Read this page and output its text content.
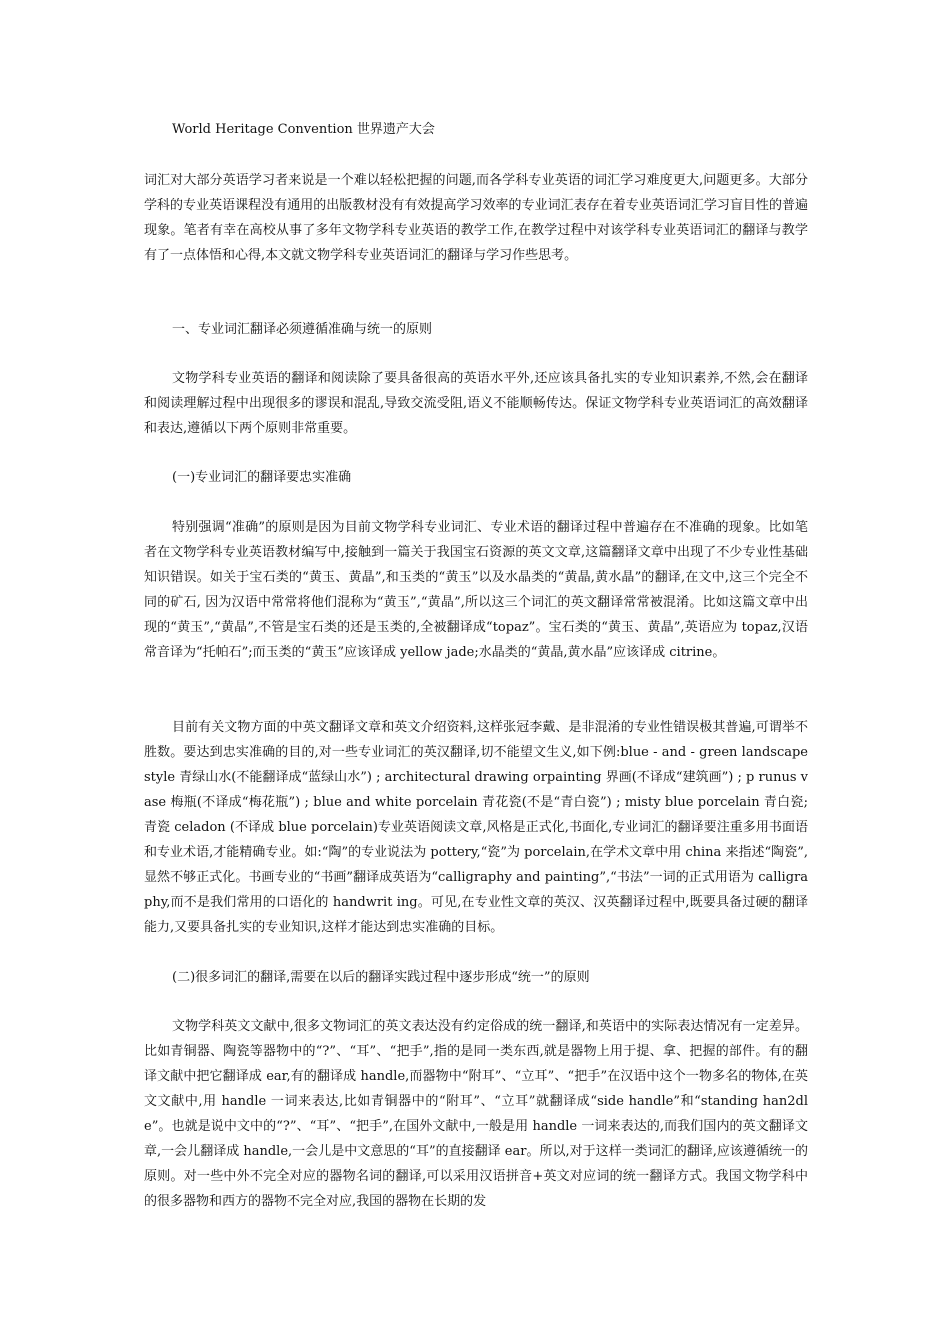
World Heritage Convention 世界遗产大会

词汇对大部分英语学习者来说是一个难以轻松把握的问题,而各学科专业英语的词汇学习难度更大,问题更多。大部分学科的专业英语课程没有通用的出版教材没有有效提高学习效率的专业词汇表存在着专业英语词汇学习盲目性的普遍现象。笔者有幸在高校从事了多年文物学科专业英语的教学工作,在教学过程中对该学科专业英语词汇的翻译与教学有了一点体悟和心得,本文就文物学科专业英语词汇的翻译与学习作些思考。

一、专业词汇翻译必须遵循准确与统一的原则

文物学科专业英语的翻译和阅读除了要具备很高的英语水平外,还应该具备扎实的专业知识素养,不然,会在翻译和阅读理解过程中出现很多的谬误和混乱,导致交流受阻,语义不能顺畅传达。保证文物学科专业英语词汇的高效翻译和表达,遵循以下两个原则非常重要。

(一)专业词汇的翻译要忠实准确

特别强调“准确”的原则是因为目前文物学科专业词汇、专业术语的翻译过程中普遍存在不准确的现象。比如笔者在文物学科专业英语教材编写中,接触到一篇关于我国宝石资源的英文文章,这篇翻译文章中出现了不少专业性基础知识错误。如关于宝石类的“黄玉、黄晶”,和玉类的“黄玉”以及水晶类的“黄晶,黄水晶”的翻译,在文中,这三个完全不同的矿石, 因为汉语中常常将他们混称为“黄玉”,“黄晶”,所以这三个词汇的英文翻译常常被混淆。比如这篇文章中出现的“黄玉”,“黄晶”,不管是宝石类的还是玉类的,全被翻译成“topaz”。宝石类的“黄玉、黄晶”,英语应为 topaz,汉语常音译为“托帕石”;而玉类的“黄玉”应该译成 yellow jade;水晶类的“黄晶,黄水晶”应该译成 citrine。

目前有关文物方面的中英文翻译文章和英文介绍资料,这样张冠李戴、是非混淆的专业性错误极其普遍,可谓举不胜数。要达到忠实准确的目的,对一些专业词汇的英汉翻译,切不能望文生义,如下例:blue - and - green landscape style 青绿山水(不能翻译成“蓝绿山水”) ; architectural drawing orpainting 界画(不译成“建筑画”) ; p runus vase 梅瓶(不译成“梅花瓶”) ; blue and white porcelain 青花瓷(不是“青白瓷”) ; misty blue porcelain 青白瓷;青瓷 celadon (不译成 blue porcelain)专业英语阅读文章,风格是正式化,书面化,专业词汇的翻译要注重多用书面语和专业术语,才能精确专业。如:“陶”的专业说法为 pottery,“瓷”为 porcelain,在学术文章中用 china 来指述“陶瓷”,显然不够正式化。书画专业的“书画”翻译成英语为“calligraphy and painting”,“书法”一词的正式用语为 calligraphy,而不是我们常用的口语化的 handwrit ing。可见,在专业性文章的英汉、汉英翻译过程中,既要具备过硬的翻译能力,又要具备扎实的专业知识,这样才能达到忠实准确的目标。

(二)很多词汇的翻译,需要在以后的翻译实践过程中逐步形成“统一”的原则

文物学科英文文献中,很多文物词汇的英文表达没有约定俗成的统一翻译,和英语中的实际表达情况有一定差异。比如青铜器、陶瓷等器物中的“?”、“耳”、“把手”,指的是同一类东西,就是器物上用于提、拿、把握的部件。有的翻译文献中把它翻译成 ear,有的翻译成 handle,而器物中“附耳”、“立耳”、“把手”在汉语中这个一物多名的物体,在英文文献中,用 handle 一词来表达,比如青铜器中的“附耳”、“立耳”就翻译成“side handle”和“standing han2dle”。也就是说中文中的“?”、“耳”、“把手”,在国外文献中,一般是用 handle 一词来表达的,而我们国内的英文翻译文章,一会儿翻译成 handle,一会儿是中文意思的“耳”的直接翻译 ear。所以,对于这样一类词汇的翻译,应该遵循统一的原则。对一些中外不完全对应的器物名词的翻译,可以采用汉语拼音+英文对应词的统一翻译方式。我国文物学科中的很多器物和西方的器物不完全对应,我国的器物在长期的发
